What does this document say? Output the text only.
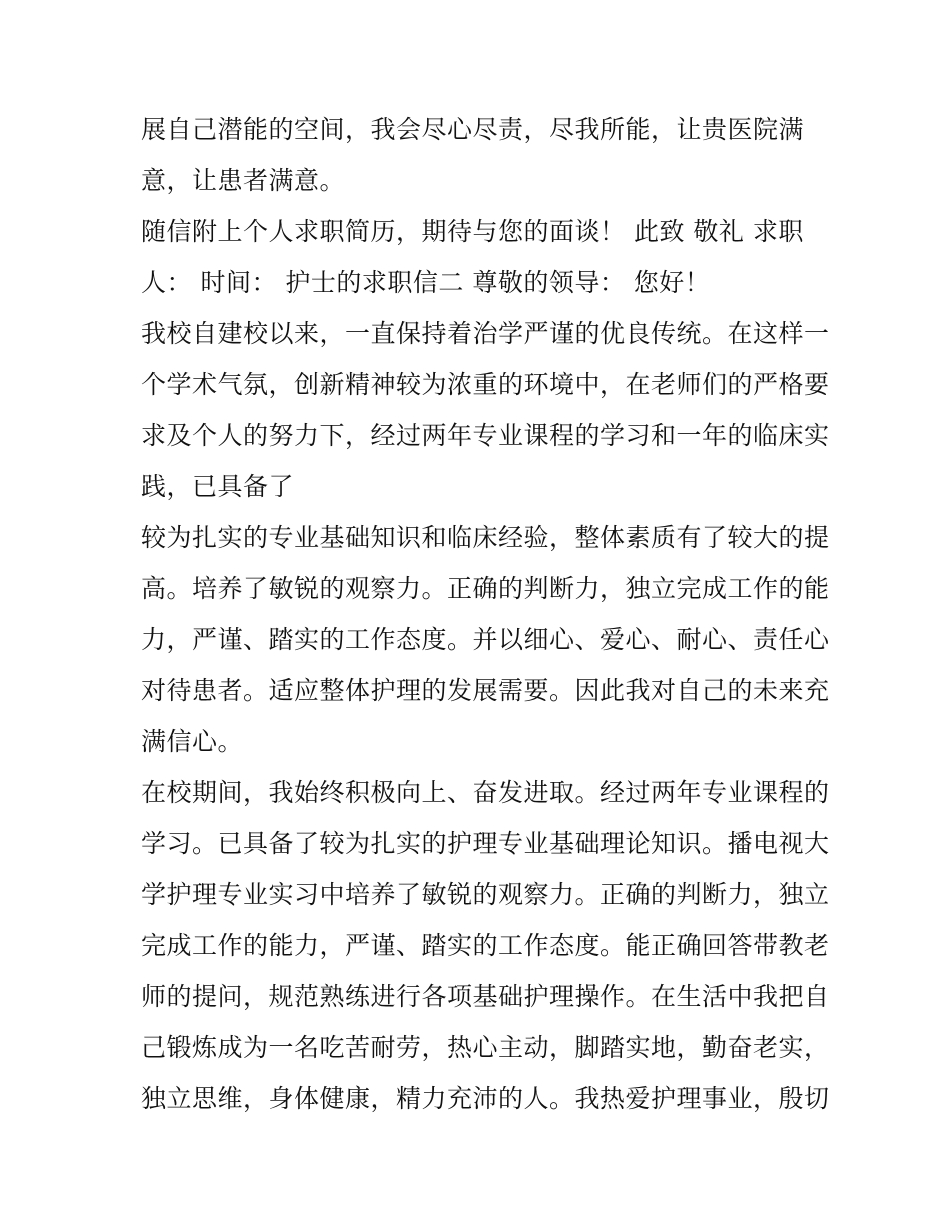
展自己潜能的空间，我会尽心尽责，尽我所能，让贵医院满
意，让患者满意。
随信附上个人求职简历，期待与您的面谈！ 此致 敬礼 求职
人： 时间： 护士的求职信二 尊敬的领导： 您好！
我校自建校以来，一直保持着治学严谨的优良传统。在这样一
个学术气氛，创新精神较为浓重的环境中，在老师们的严格要
求及个人的努力下，经过两年专业课程的学习和一年的临床实
践，已具备了
较为扎实的专业基础知识和临床经验，整体素质有了较大的提
高。培养了敏锐的观察力。正确的判断力，独立完成工作的能
力，严谨、踏实的工作态度。并以细心、爱心、耐心、责任心
对待患者。适应整体护理的发展需要。因此我对自己的未来充
满信心。
在校期间，我始终积极向上、奋发进取。经过两年专业课程的
学习。已具备了较为扎实的护理专业基础理论知识。播电视大
学护理专业实习中培养了敏锐的观察力。正确的判断力，独立
完成工作的能力，严谨、踏实的工作态度。能正确回答带教老
师的提问，规范熟练进行各项基础护理操作。在生活中我把自
己锻炼成为一名吃苦耐劳，热心主动，脚踏实地，勤奋老实，
独立思维，身体健康，精力充沛的人。我热爱护理事业，殷切
